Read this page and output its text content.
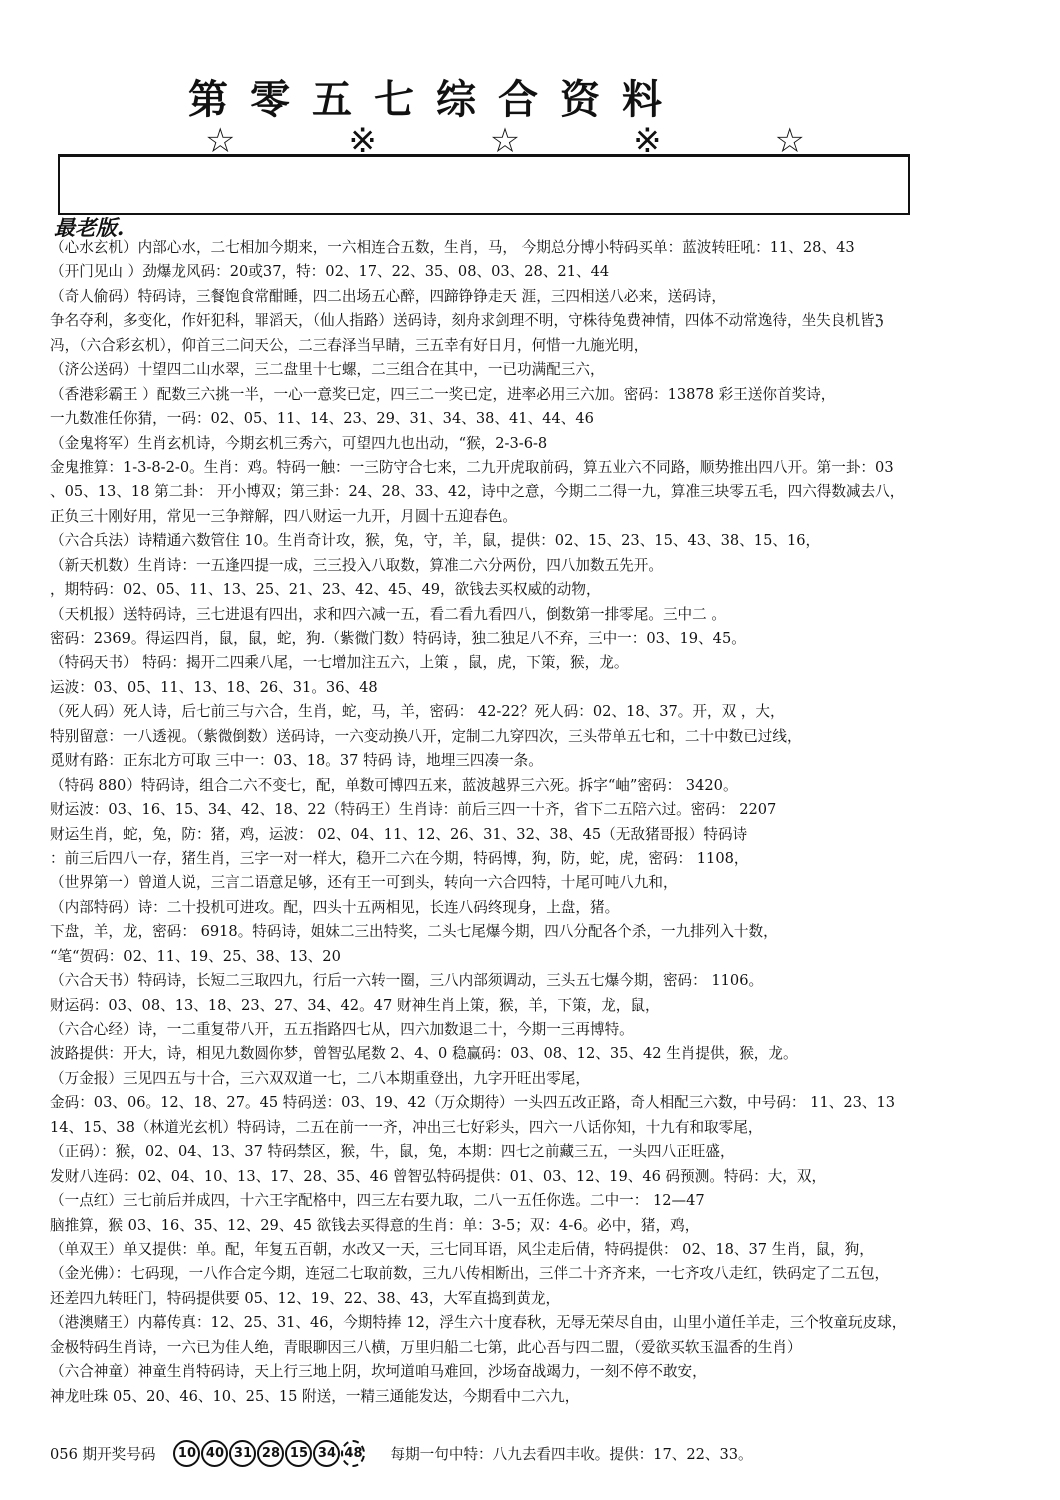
第零五七综合资料
☆	※	☆	※	☆
最老版.
（心水玄机）内部心水，二七相加今期来，一六相连合五数，生肖，马， 今期总分博小特码买单：蓝波转旺吼：11、28、43
（开门见山 ）劲爆龙风码：20或37，特：02、17、22、35、08、03、28、21、44
（奇人偷码）特码诗，三餐饱食常酣睡，四二出场五心醉，四蹄铮铮走天 涯，三四相送八必来，送码诗，
争名夺利，多变化，作奸犯科，罪滔天，（仙人指路）送码诗，刻舟求剑理不明，守株待兔费神情，四体不动常逸待，坐失良机皆ℨ
冯，（六合彩玄机），仰首三二问天公，二三春泽当早睛，三五幸有好日月，何惜一九施光明，
（济公送码）十望四二山水翠，三二盘里十七螺，二三组合在其中，一已功满配三六，
（香港彩霸王 ）配数三六挑一半，一心一意奖已定，四三二一奖已定，进率必用三六加。密码：13878 彩王送你首奖诗，
一九数准任你猜，一码：02、05、11、14、23、29、31、34、38、41、44、46
（金鬼将军）生肖玄机诗，今期玄机三秀六，可望四九也出动，“猴，2-3-6-8
金鬼推算：1-3-8-2-0。生肖：鸡。特码一触：一三防守合七来，二九开虎取前码，算五业六不同路，顺势推出四八开。第一卦：03
、05、13、18 第二卦： 开小博双；第三卦：24、28、33、42，诗中之意，今期二二得一九，算准三块零五毛，四六得数减去八，
正负三十刚好用，常见一三争辩解，四八财运一九开，月圆十五迎春色。
（六合兵法）诗精通六数管住 10。生肖奇计攻，猴，兔，守，羊，鼠，提供：02、15、23、15、43、38、15、16，
（新天机数）生肖诗：一五逢四提一成，三三投入八取数，算准二六分两份，四八加数五先开。
，期特码：02、05、11、13、25、21、23、42、45、49，欲钱去买权威的动物，
（天机报）送特码诗，三七进退有四出，求和四六减一五，看二看九看四八，倒数第一排零尾。三中二 。
密码：2369。得运四肖，鼠，鼠，蛇，狗.（紫微门数）特码诗，独二独足八不弃，三中一：03、19、45。
（特码天书） 特码：揭开二四乘八尾，一七增加注五六，上策 ，鼠，虎，下策，猴，龙。
运波：03、05、11、13、18、26、31。36、48
（死人码）死人诗，后七前三与六合，生肖，蛇，马，羊，密码： 42-22？死人码：02、18、37。开，双 ，大，
特别留意：一八透视。（紫微倒数）送码诗，一六变动换八开，定制二九穿四次，三头带单五七和，二十中数已过线，
觅财有路：正东北方可取 三中一：03、18。37 特码 诗，地埋三四凑一条。
（特码 880）特码诗，组合二六不变七，配，单数可博四五来，蓝波越界三六死。拆字“岫”密码： 3420。
财运波：03、16、15、34、42、18、22（特码王）生肖诗：前后三四一十齐，省下二五陪六过。密码： 2207
财运生肖，蛇，兔，防：猪，鸡，运波： 02、04、11、12、26、31、32、38、45（无敌猪哥报）特码诗
：前三后四八一存，猪生肖，三字一对一样大，稳开二六在今期，特码博，狗，防，蛇，虎，密码： 1108，
（世界第一）曾道人说，三言二语意足够，还有王一可到头，转向一六合四特，十尾可吨八九和，
（内部特码）诗：二十投机可进攻。配，四头十五两相见，长连八码终现身，上盘，猪。
下盘，羊，龙，密码： 6918。特码诗，姐妹二三出特奖，二头七尾爆今期，四八分配各个杀，一九排列入十数，
“笔“贺码：02、11、19、25、38、13、20
（六合天书）特码诗，长短二三取四九，行后一六转一圈，三八内部须调动，三头五七爆今期，密码： 1106。
财运码：03、08、13、18、23、27、34、42。47 财神生肖上策，猴，羊，下策，龙，鼠，
（六合心经）诗，一二重复带八开，五五指路四七从，四六加数退二十，今期一三再博特。
波路提供：开大，诗，相见九数圆你梦，曾智弘尾数 2、4、0 稳赢码：03、08、12、35、42 生肖提供，猴，龙。
（万金报）三见四五与十合，三六双双道一七，二八本期重登出，九字开旺出零尾，
金码：03、06。12、18、27。45 特码送：03、19、42（万众期待）一头四五改正路，奇人相配三六数，中号码： 11、23、13
14、15、38（林道光玄机）特码诗，二五在前一一齐，冲出三七好彩头，四六一八话你知，十九有和取零尾，
（正码）：猴，02、04、13、37 特码禁区，猴，牛，鼠，兔，本期：四七之前藏三五，一头四八正旺盛，
发财八连码：02、04、10、13、17、28、35、46 曾智弘特码提供：01、03、12、19、46 码预测。特码：大，双，
（一点红）三七前后并成四，十六王字配格中，四三左右要九取，二八一五任你选。二中一： 12—47
脑推算，猴 03、16、35、12、29、45 欲钱去买得意的生肖：单：3-5；双：4-6。必中，猪，鸡，
（单双王）单又提供：单。配，年复五百朝，水改又一天，三七同耳语，风尘走后倩，特码提供： 02、18、37 生肖，鼠，狗，
（金光佛）：七码现，一八作合定今期，连冠二七取前数，三九八传相断出，三伴二十齐齐来，一七齐攻八走红，铁码定了二五包，
还差四九转旺门，特码提供要 05、12、19、22、38、43，大军直捣到黄龙，
（港澳赌王）内幕传真：12、25、31、46，今期特捧 12，浮生六十度春秋，无辱无荣尽自由，山里小道任羊走，三个牧童玩皮球，
金极特码生肖诗，一六已为佳人绝，青眼聊因三八横，万里归船二七第，此心吾与四二盟，（爱欲买软玉温香的生肖）
（六合神童）神童生肖特码诗，天上行三地上阴，坎坷道咱马难回，沙场奋战竭力，一刻不停不敢安，
神龙吐珠 05、20、46、10、25、15 附送，一精三通能发达，今期看中二六九，
056 期开奖号码	10 40 31 28 15 34 48 每期一句中特：八九去看四丰收。提供：17、22、33。
